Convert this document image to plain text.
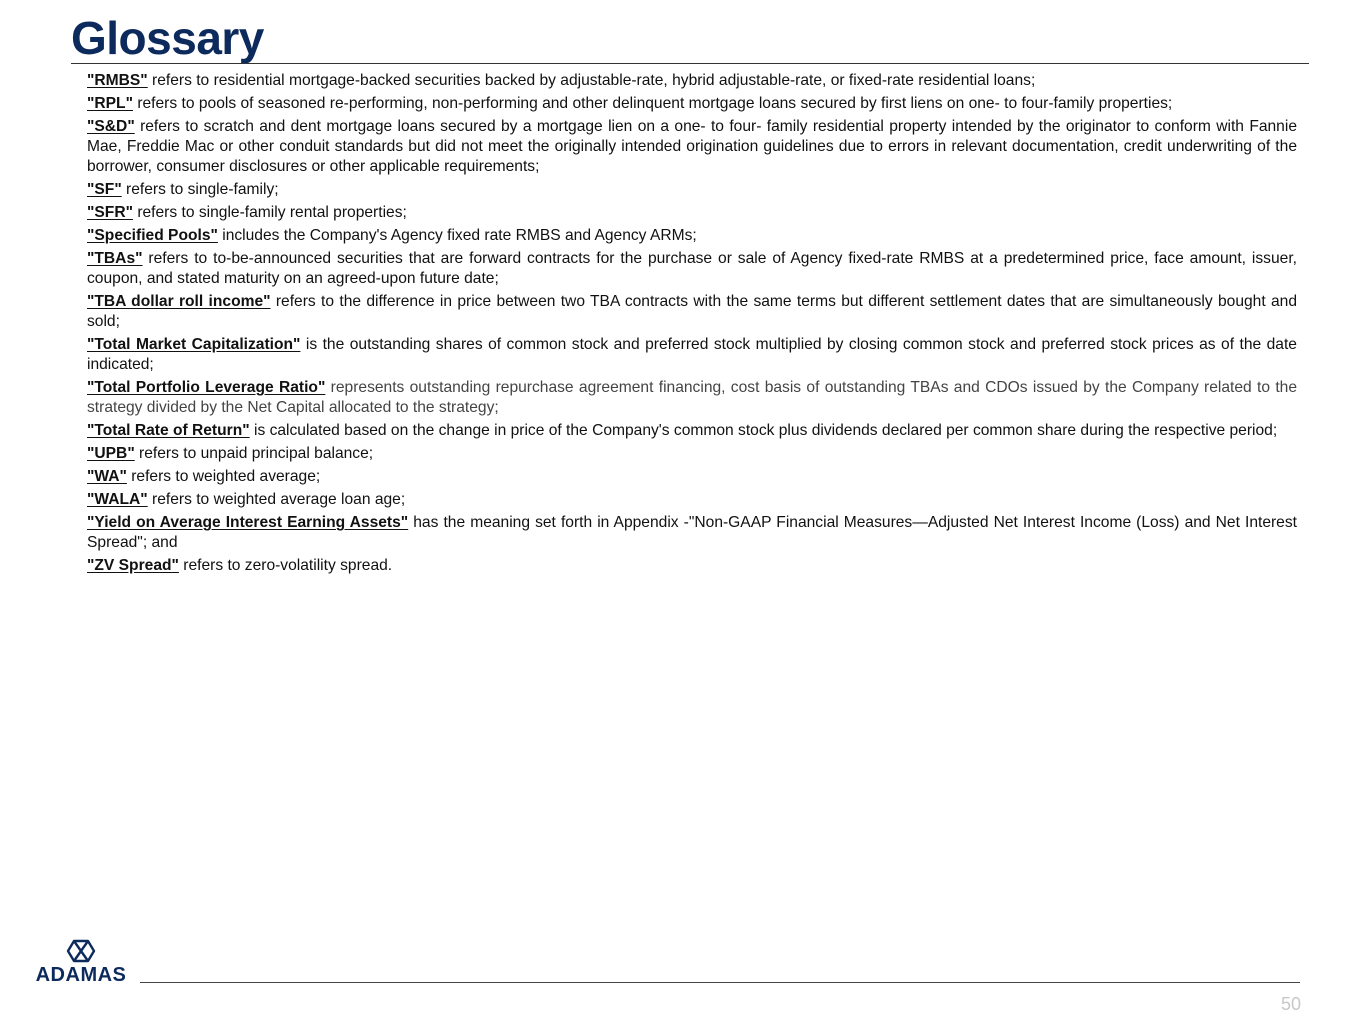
Glossary

"RMBS" refers to residential mortgage-backed securities backed by adjustable-rate, hybrid adjustable-rate, or fixed-rate residential loans;

"RPL" refers to pools of seasoned re-performing, non-performing and other delinquent mortgage loans secured by first liens on one- to four-family properties;

"S&D" refers to scratch and dent mortgage loans secured by a mortgage lien on a one- to four- family residential property intended by the originator to conform with Fannie Mae, Freddie Mac or other conduit standards but did not meet the originally intended origination guidelines due to errors in relevant documentation, credit underwriting of the borrower, consumer disclosures or other applicable requirements;

"SF" refers to single-family;

"SFR" refers to single-family rental properties;

"Specified Pools" includes the Company's Agency fixed rate RMBS and Agency ARMs;

"TBAs" refers to to-be-announced securities that are forward contracts for the purchase or sale of Agency fixed-rate RMBS at a predetermined price, face amount, issuer, coupon, and stated maturity on an agreed-upon future date;

"TBA dollar roll income" refers to the difference in price between two TBA contracts with the same terms but different settlement dates that are simultaneously bought and sold;

"Total Market Capitalization" is the outstanding shares of common stock and preferred stock multiplied by closing common stock and preferred stock prices as of the date indicated;

"Total Portfolio Leverage Ratio" represents outstanding repurchase agreement financing, cost basis of outstanding TBAs and CDOs issued by the Company related to the strategy divided by the Net Capital allocated to the strategy;

"Total Rate of Return" is calculated based on the change in price of the Company's common stock plus dividends declared per common share during the respective period;

"UPB" refers to unpaid principal balance;

"WA" refers to weighted average;

"WALA" refers to weighted average loan age;

"Yield on Average Interest Earning Assets" has the meaning set forth in Appendix -"Non-GAAP Financial Measures—Adjusted Net Interest Income (Loss) and Net Interest Spread"; and

"ZV Spread" refers to zero-volatility spread.

ADAMAS
50
